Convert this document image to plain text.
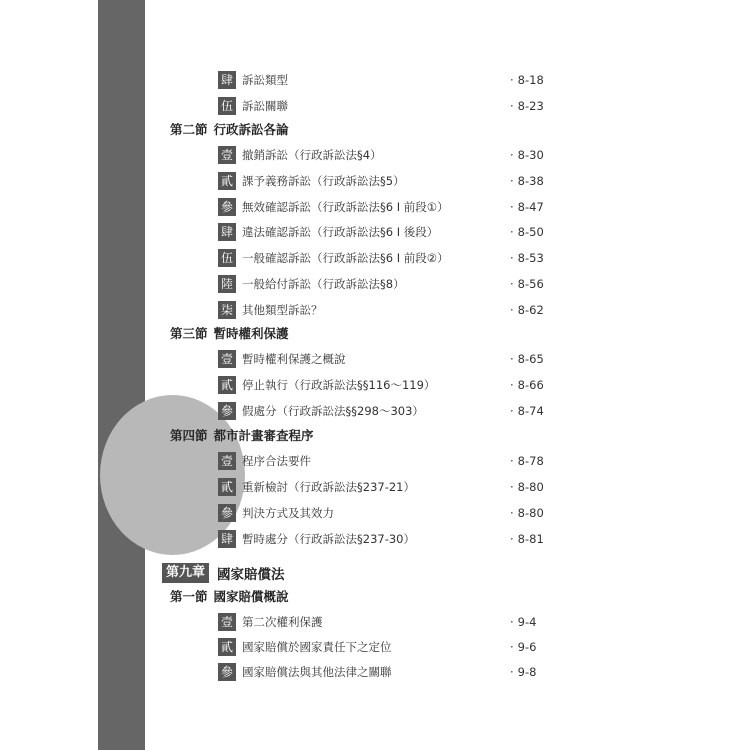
肆 訴訟類型	· 8-18
伍 訴訟關聯	· 8-23
第二節 行政訴訟各論
壹 撤銷訴訟（行政訴訟法§4）	· 8-30
貳 課予義務訴訟（行政訴訟法§5）	· 8-38
參 無效確認訴訟（行政訴訟法§6 I 前段①）	· 8-47
肆 違法確認訴訟（行政訴訟法§6 I 後段）	· 8-50
伍 一般確認訴訟（行政訴訟法§6 I 前段②）	· 8-53
陸 一般給付訴訟（行政訴訟法§8）	· 8-56
柒 其他類型訴訟？	· 8-62
第三節 暫時權利保護
壹 暫時權利保護之概說	· 8-65
貳 停止執行（行政訴訟法§§116～119）	· 8-66
參 假處分（行政訴訟法§§298～303）	· 8-74
第四節 都市計畫審查程序
壹 程序合法要件	· 8-78
貳 重新檢討（行政訴訟法§237-21）	· 8-80
參 判決方式及其效力	· 8-80
肆 暫時處分（行政訴訟法§237-30）	· 8-81
第九章 國家賠償法
第一節 國家賠償概說
壹 第二次權利保護	· 9-4
貳 國家賠償於國家責任下之定位	· 9-6
參 國家賠償法與其他法律之關聯	· 9-8
